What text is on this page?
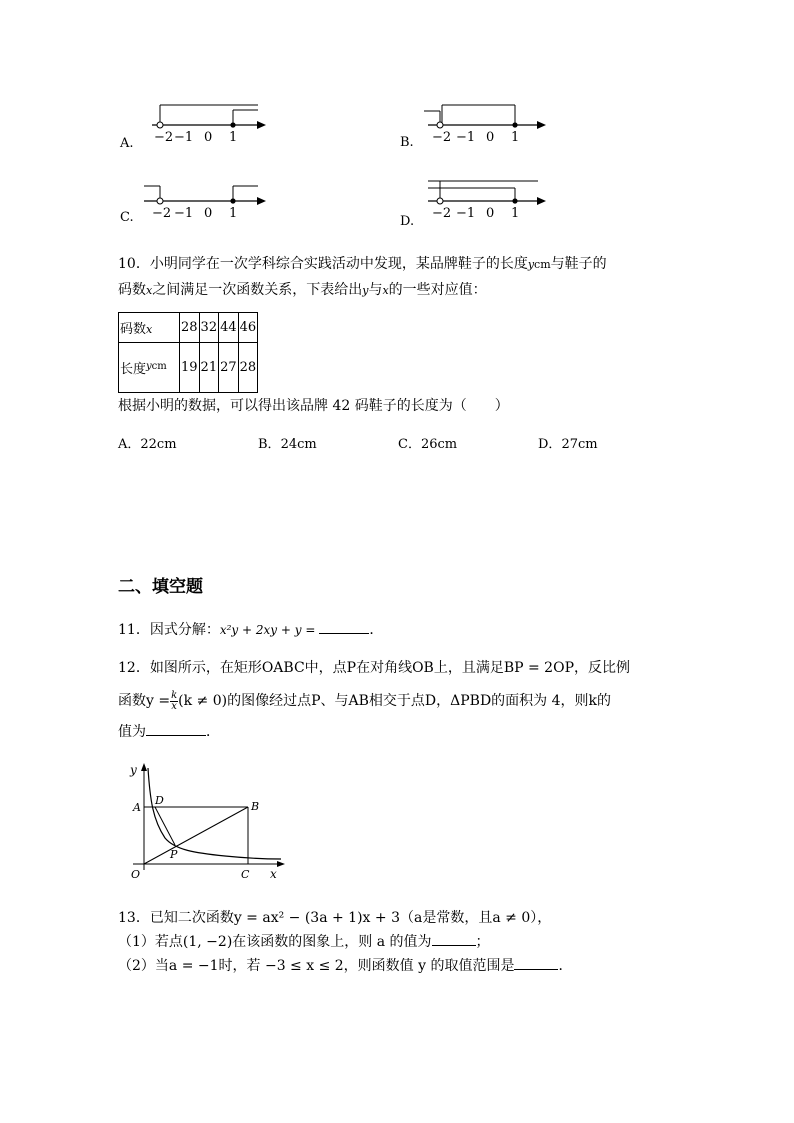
−2 −1 0 1
A.	−2 −1 0 1
B.
−2 −1 0 1
C.	−2 −1 0 1
D.
10．小明同学在一次学科综合实践活动中发现，某品牌鞋子的长度ycm与鞋子的
码数x之间满足一次函数关系，下表给出y与x的一些对应值：
码数x	28	32	44	46
长度$^{ycm}$	19	21	27	28
根据小明的数据，可以得出该品牌 42 码鞋子的长度为（　　）
A．22cm	B．24cm	C．26cm	D．27cm
二、填空题
11．因式分解：x²y + 2xy + y =	．
12．如图所示，在矩形OABC中，点P在对角线OB上，且满足BP = 2OP，反比例
函数$y = \frac{k}{x} (k \ne 0)$的图像经过点P、与AB相交于点D，ΔPBD的面积为 4，则k的
值为	．
y
x
A	B
C
D
O
P
13．已知二次函数y = ax² − (3a + 1)x + 3（a是常数，且a ≠ 0），
（1）若点(1, −2)在该函数的图象上，则 a 的值为	；
（2）当a = −1时，若 −3 ≤ x ≤ 2，则函数值 y 的取值范围是	．
